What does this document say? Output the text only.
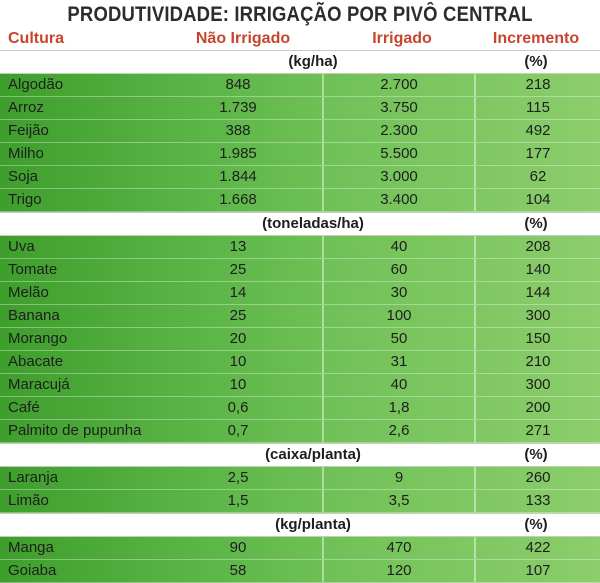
PRODUTIVIDADE: IRRIGAÇÃO POR PIVÔ CENTRAL
Cultura	Não Irrigado	Irrigado	Incremento
(kg/ha)	(%)
Algodão	848	2.700	218
Arroz	1.739	3.750	115
Feijão	388	2.300	492
Milho	1.985	5.500	177
Soja	1.844	3.000	62
Trigo	1.668	3.400	104
(toneladas/ha)	(%)
Uva	13	40	208
Tomate	25	60	140
Melão	14	30	144
Banana	25	100	300
Morango	20	50	150
Abacate	10	31	210
Maracujá	10	40	300
Café	0,6	1,8	200
Palmito de pupunha	0,7	2,6	271
(caixa/planta)	(%)
Laranja	2,5	9	260
Limão	1,5	3,5	133
(kg/planta)	(%)
Manga	90	470	422
Goiaba	58	120	107
